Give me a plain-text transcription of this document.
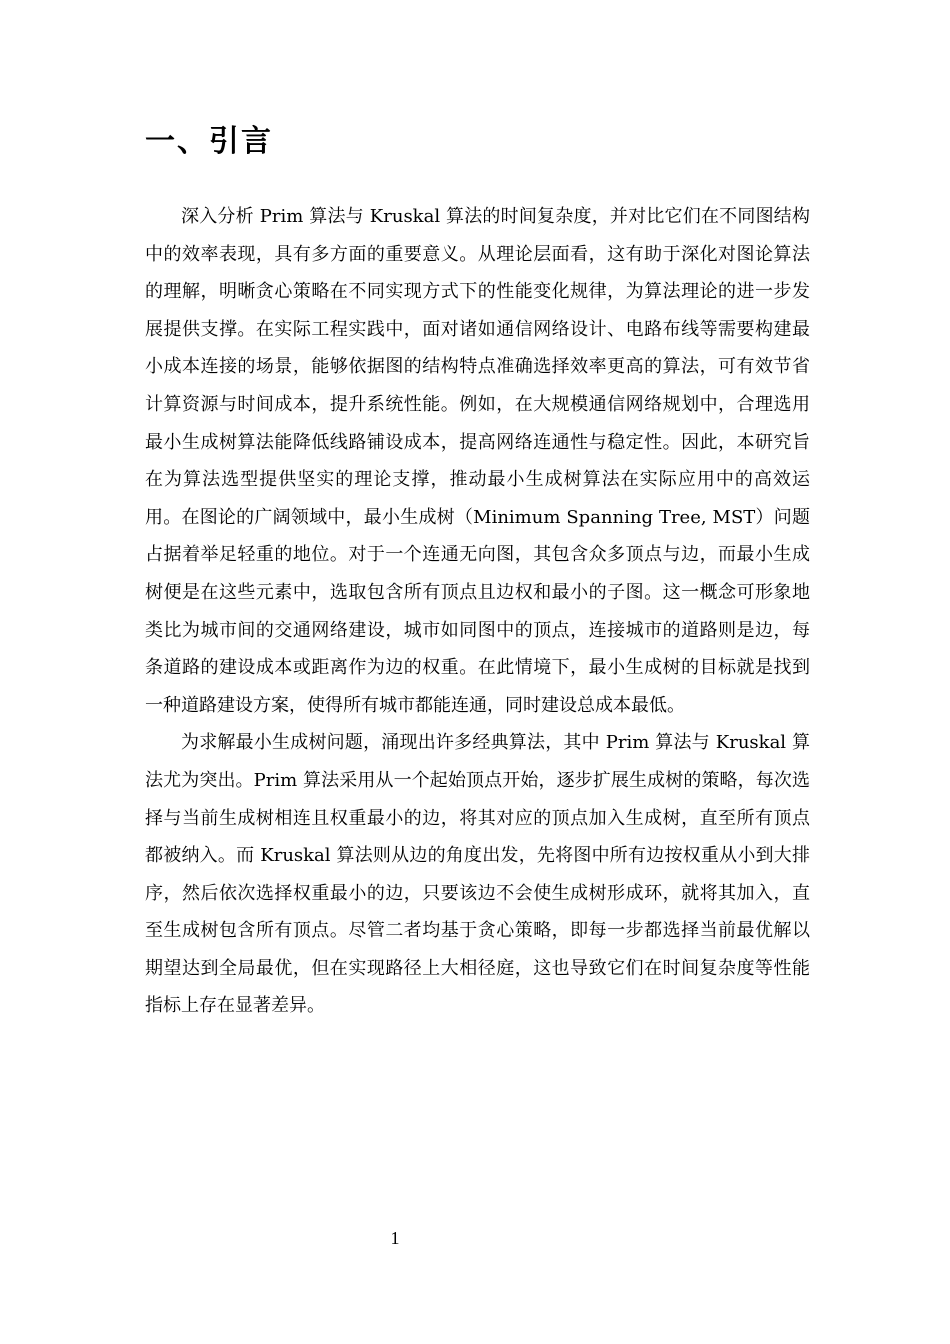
一、引言

深入分析 Prim 算法与 Kruskal 算法的时间复杂度，并对比它们在不同图结构中的效率表现，具有多方面的重要意义。从理论层面看，这有助于深化对图论算法的理解，明晰贪心策略在不同实现方式下的性能变化规律，为算法理论的进一步发展提供支撑。在实际工程实践中，面对诸如通信网络设计、电路布线等需要构建最小成本连接的场景，能够依据图的结构特点准确选择效率更高的算法，可有效节省计算资源与时间成本，提升系统性能。例如，在大规模通信网络规划中，合理选用最小生成树算法能降低线路铺设成本，提高网络连通性与稳定性。因此，本研究旨在为算法选型提供坚实的理论支撑，推动最小生成树算法在实际应用中的高效运用。在图论的广阔领域中，最小生成树（Minimum Spanning Tree, MST）问题占据着举足轻重的地位。对于一个连通无向图，其包含众多顶点与边，而最小生成树便是在这些元素中，选取包含所有顶点且边权和最小的子图。这一概念可形象地类比为城市间的交通网络建设，城市如同图中的顶点，连接城市的道路则是边，每条道路的建设成本或距离作为边的权重。在此情境下，最小生成树的目标就是找到一种道路建设方案，使得所有城市都能连通，同时建设总成本最低。

为求解最小生成树问题，涌现出许多经典算法，其中 Prim 算法与 Kruskal 算法尤为突出。Prim 算法采用从一个起始顶点开始，逐步扩展生成树的策略，每次选择与当前生成树相连且权重最小的边，将其对应的顶点加入生成树，直至所有顶点都被纳入。而 Kruskal 算法则从边的角度出发，先将图中所有边按权重从小到大排序，然后依次选择权重最小的边，只要该边不会使生成树形成环，就将其加入，直至生成树包含所有顶点。尽管二者均基于贪心策略，即每一步都选择当前最优解以期望达到全局最优，但在实现路径上大相径庭，这也导致它们在时间复杂度等性能指标上存在显著差异。

1
